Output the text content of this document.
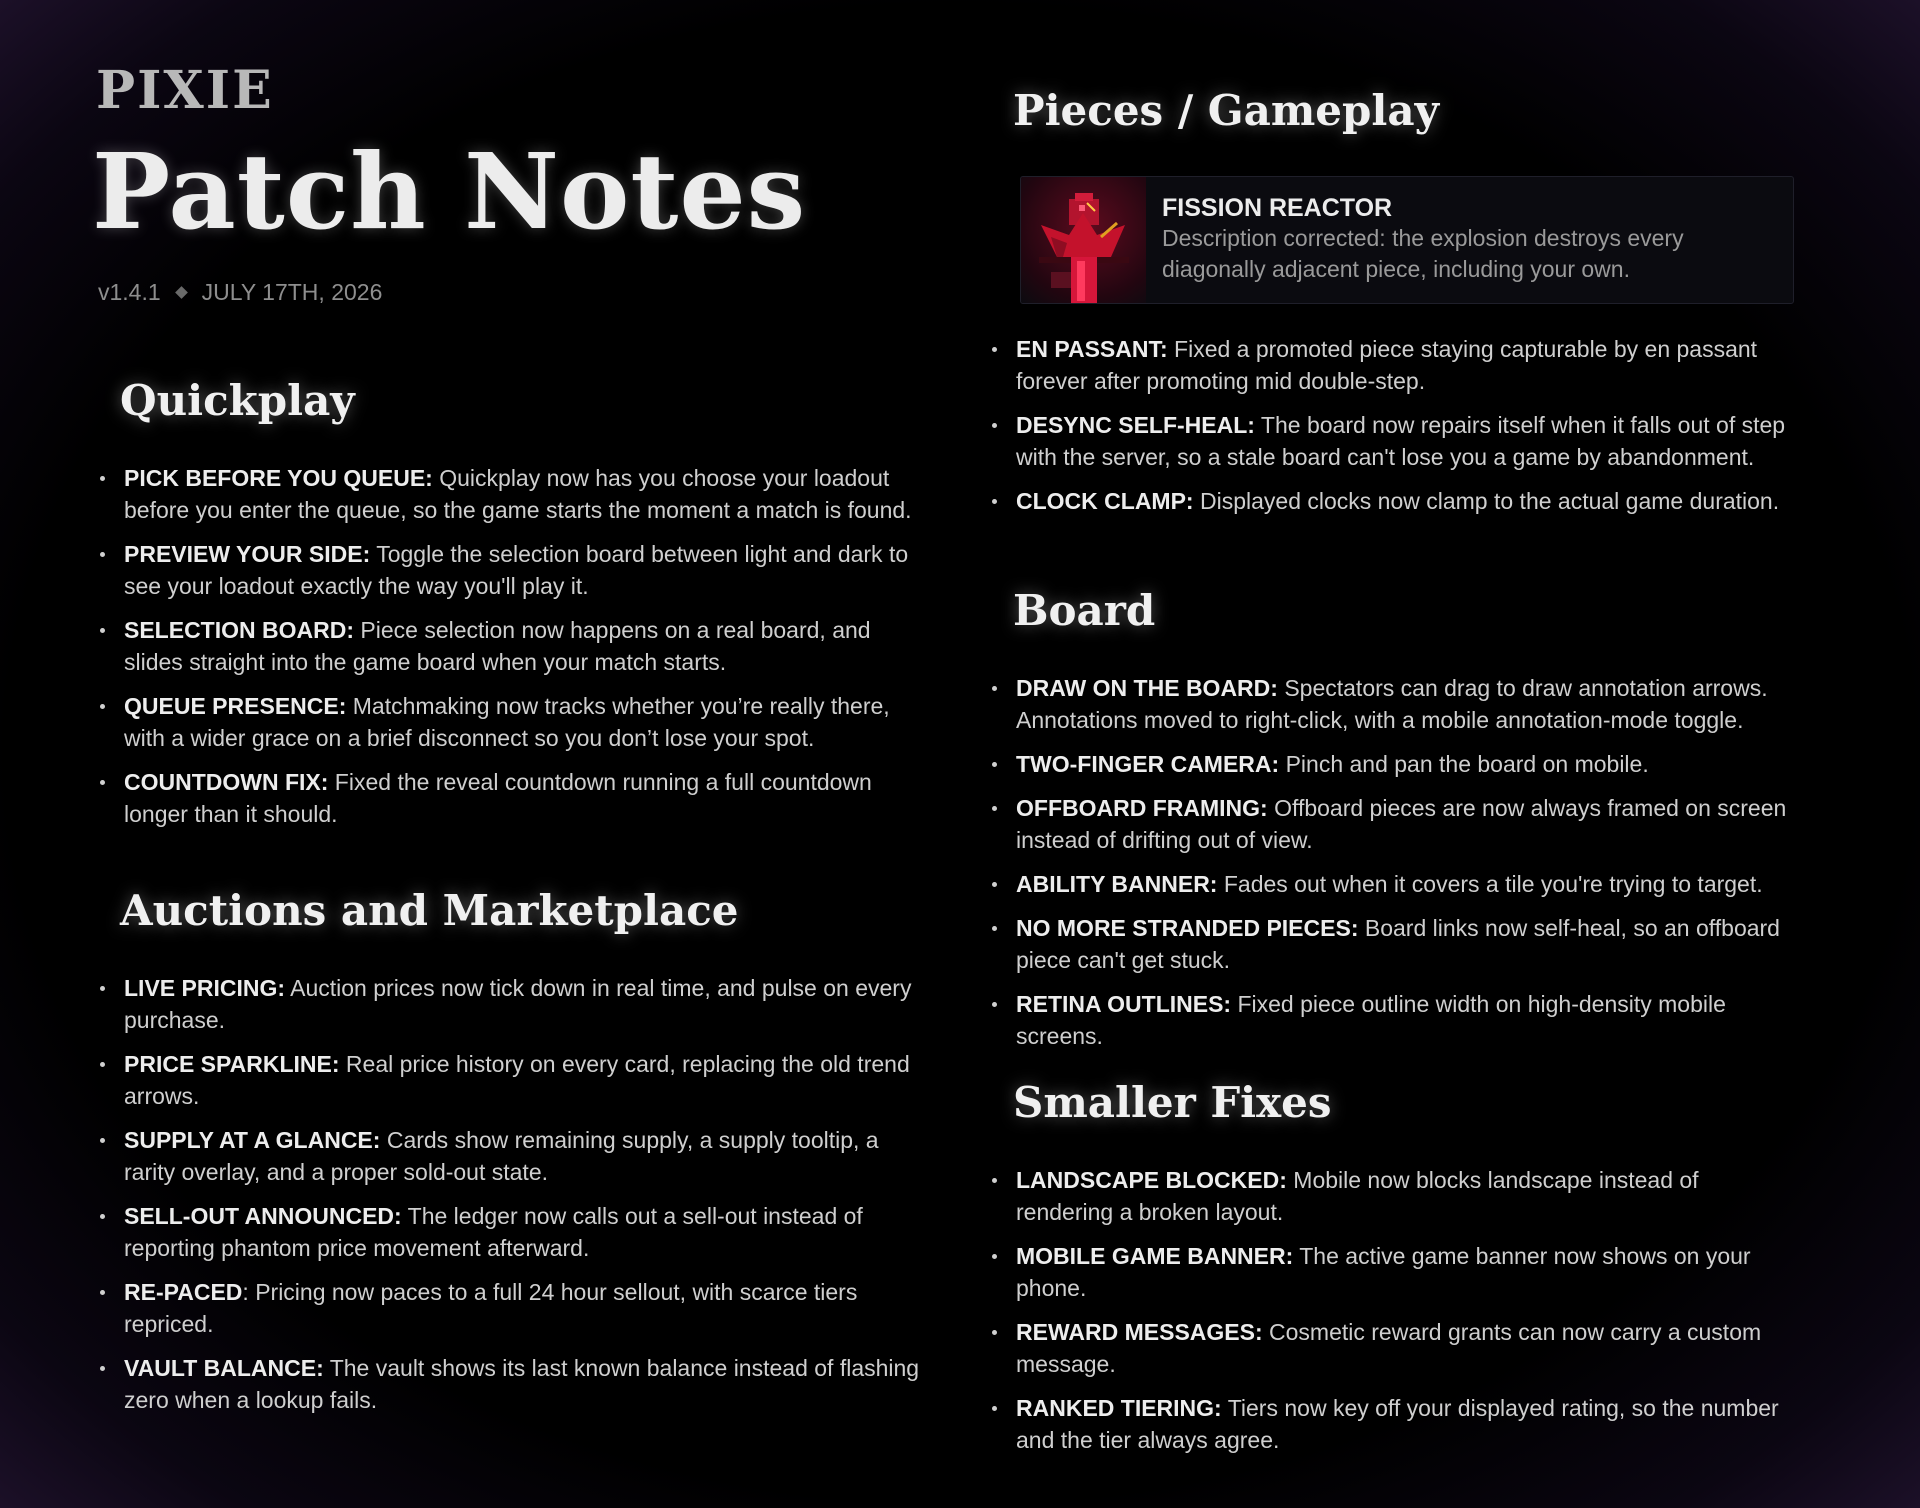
PIXIE
Patch Notes
v1.4.1 JULY 17TH, 2026
Quickplay
PICK BEFORE YOU QUEUE: Quickplay now has you choose your loadout before you enter the queue, so the game starts the moment a match is found.
PREVIEW YOUR SIDE: Toggle the selection board between light and dark to see your loadout exactly the way you'll play it.
SELECTION BOARD: Piece selection now happens on a real board, and slides straight into the game board when your match starts.
QUEUE PRESENCE: Matchmaking now tracks whether you’re really there, with a wider grace on a brief disconnect so you don’t lose your spot.
COUNTDOWN FIX: Fixed the reveal countdown running a full countdown longer than it should.
Auctions and Marketplace
LIVE PRICING: Auction prices now tick down in real time, and pulse on every purchase.
PRICE SPARKLINE: Real price history on every card, replacing the old trend arrows.
SUPPLY AT A GLANCE: Cards show remaining supply, a supply tooltip, a rarity overlay, and a proper sold-out state.
SELL-OUT ANNOUNCED: The ledger now calls out a sell-out instead of reporting phantom price movement afterward.
RE-PACED: Pricing now paces to a full 24 hour sellout, with scarce tiers repriced.
VAULT BALANCE: The vault shows its last known balance instead of flashing zero when a lookup fails.
Pieces / Gameplay
FISSION REACTOR
Description corrected: the explosion destroys every diagonally adjacent piece, including your own.
EN PASSANT: Fixed a promoted piece staying capturable by en passant forever after promoting mid double-step.
DESYNC SELF-HEAL: The board now repairs itself when it falls out of step with the server, so a stale board can't lose you a game by abandonment.
CLOCK CLAMP: Displayed clocks now clamp to the actual game duration.
Board
DRAW ON THE BOARD: Spectators can drag to draw annotation arrows. Annotations moved to right-click, with a mobile annotation-mode toggle.
TWO-FINGER CAMERA: Pinch and pan the board on mobile.
OFFBOARD FRAMING: Offboard pieces are now always framed on screen instead of drifting out of view.
ABILITY BANNER: Fades out when it covers a tile you're trying to target.
NO MORE STRANDED PIECES: Board links now self-heal, so an offboard piece can't get stuck.
RETINA OUTLINES: Fixed piece outline width on high-density mobile screens.
Smaller Fixes
LANDSCAPE BLOCKED: Mobile now blocks landscape instead of rendering a broken layout.
MOBILE GAME BANNER: The active game banner now shows on your phone.
REWARD MESSAGES: Cosmetic reward grants can now carry a custom message.
RANKED TIERING: Tiers now key off your displayed rating, so the number and the tier always agree.
